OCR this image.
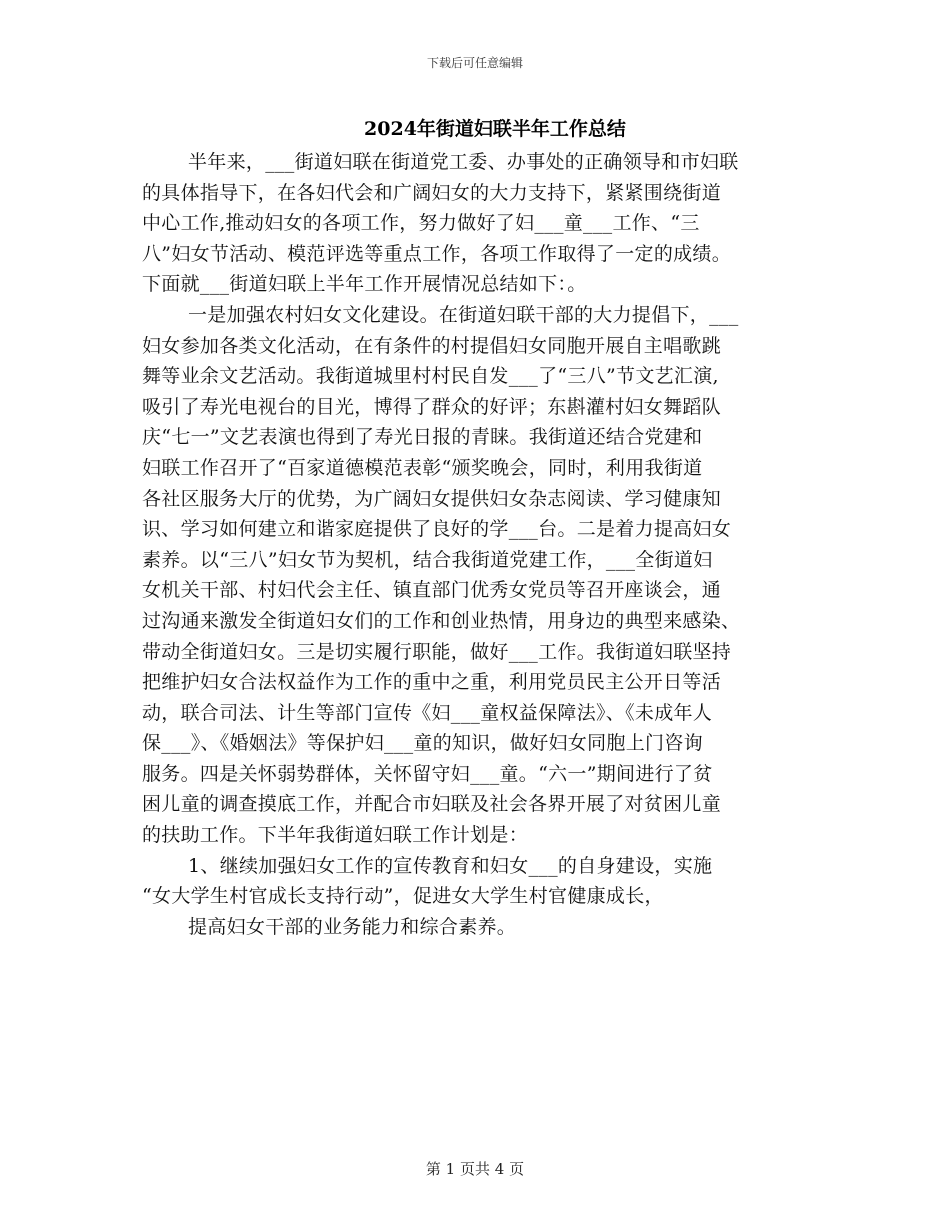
下载后可任意编辑
2024年街道妇联半年工作总结
半年来，___街道妇联在街道党工委、办事处的正确领导和市妇联
的具体指导下，在各妇代会和广阔妇女的大力支持下，紧紧围绕街道
中心工作,推动妇女的各项工作，努力做好了妇___童___工作、“三
八”妇女节活动、模范评选等重点工作，各项工作取得了一定的成绩。
下面就___街道妇联上半年工作开展情况总结如下：。
一是加强农村妇女文化建设。在街道妇联干部的大力提倡下，___
妇女参加各类文化活动，在有条件的村提倡妇女同胞开展自主唱歌跳
舞等业余文艺活动。我街道城里村村民自发___了“三八”节文艺汇演,
吸引了寿光电视台的目光，博得了群众的好评；东斟灌村妇女舞蹈队
庆“七一”文艺表演也得到了寿光日报的青睐。我街道还结合党建和
妇联工作召开了“百家道德模范表彰“颁奖晚会，同时，利用我街道
各社区服务大厅的优势，为广阔妇女提供妇女杂志阅读、学习健康知
识、学习如何建立和谐家庭提供了良好的学___台。二是着力提高妇女
素养。以“三八”妇女节为契机，结合我街道党建工作，___全街道妇
女机关干部、村妇代会主任、镇直部门优秀女党员等召开座谈会，通
过沟通来激发全街道妇女们的工作和创业热情，用身边的典型来感染、
带动全街道妇女。三是切实履行职能，做好___工作。我街道妇联坚持
把维护妇女合法权益作为工作的重中之重，利用党员民主公开日等活
动，联合司法、计生等部门宣传《妇___童权益保障法》、《未成年人
保___》、《婚姻法》等保护妇___童的知识，做好妇女同胞上门咨询
服务。四是关怀弱势群体，关怀留守妇___童。“六一”期间进行了贫
困儿童的调查摸底工作，并配合市妇联及社会各界开展了对贫困儿童
的扶助工作。下半年我街道妇联工作计划是：
1、继续加强妇女工作的宣传教育和妇女___的自身建设，实施
“女大学生村官成长支持行动”，促进女大学生村官健康成长，
提高妇女干部的业务能力和综合素养。
第 1 页共 4 页
